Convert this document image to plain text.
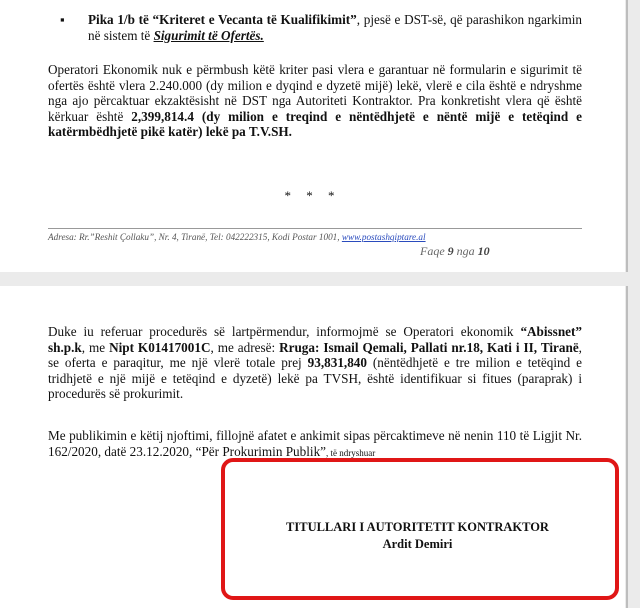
▪ Pika 1/b të “Kriteret e Vecanta të Kualifikimit”, pjesë e DST-së, që parashikon ngarkimin në sistem të Sigurimit të Ofertës.
Operatori Ekonomik nuk e përmbush këtë kriter pasi vlera e garantuar në formularin e sigurimit të ofertës është vlera 2.240.000 (dy milion e dyqind e dyzetë mijë) lekë, vlerë e cila është e ndryshme nga ajo përcaktuar ekzaktësisht në DST nga Autoriteti Kontraktor. Pra konkretisht vlera që është kërkuar është 2,399,814.4 (dy milion e treqind e nëntëdhjetë e nëntë mijë e tetëqind e katërmbëdhjetë pikë katër) lekë pa T.V.SH.
* * *
Adresa: Rr.”Reshit Çollaku”, Nr. 4, Tiranë, Tel: 042222315, Kodi Postar 1001, www.postashqiptare.al
Faqe 9 nga 10
Duke iu referuar procedurës së lartpërmendur, informojmë se Operatori ekonomik “Abissnet” sh.p.k, me Nipt K01417001C, me adresë: Rruga: Ismail Qemali, Pallati nr.18, Kati i II, Tiranë, se oferta e paraqitur, me një vlerë totale prej 93,831,840 (nëntëdhjetë e tre milion e tetëqind e tridhjetë e një mijë e tetëqind e dyzetë) lekë pa TVSH, është identifikuar si fitues (paraprak) i procedurës së prokurimit.
Me publikimin e këtij njoftimi, fillojnë afatet e ankimit sipas përcaktimeve në nenin 110 të Ligjit Nr. 162/2020, datë 23.12.2020, “Për Prokurimin Publik”, të ndryshuar
TITULLARI I AUTORITETIT KONTRAKTOR
Ardit Demiri
